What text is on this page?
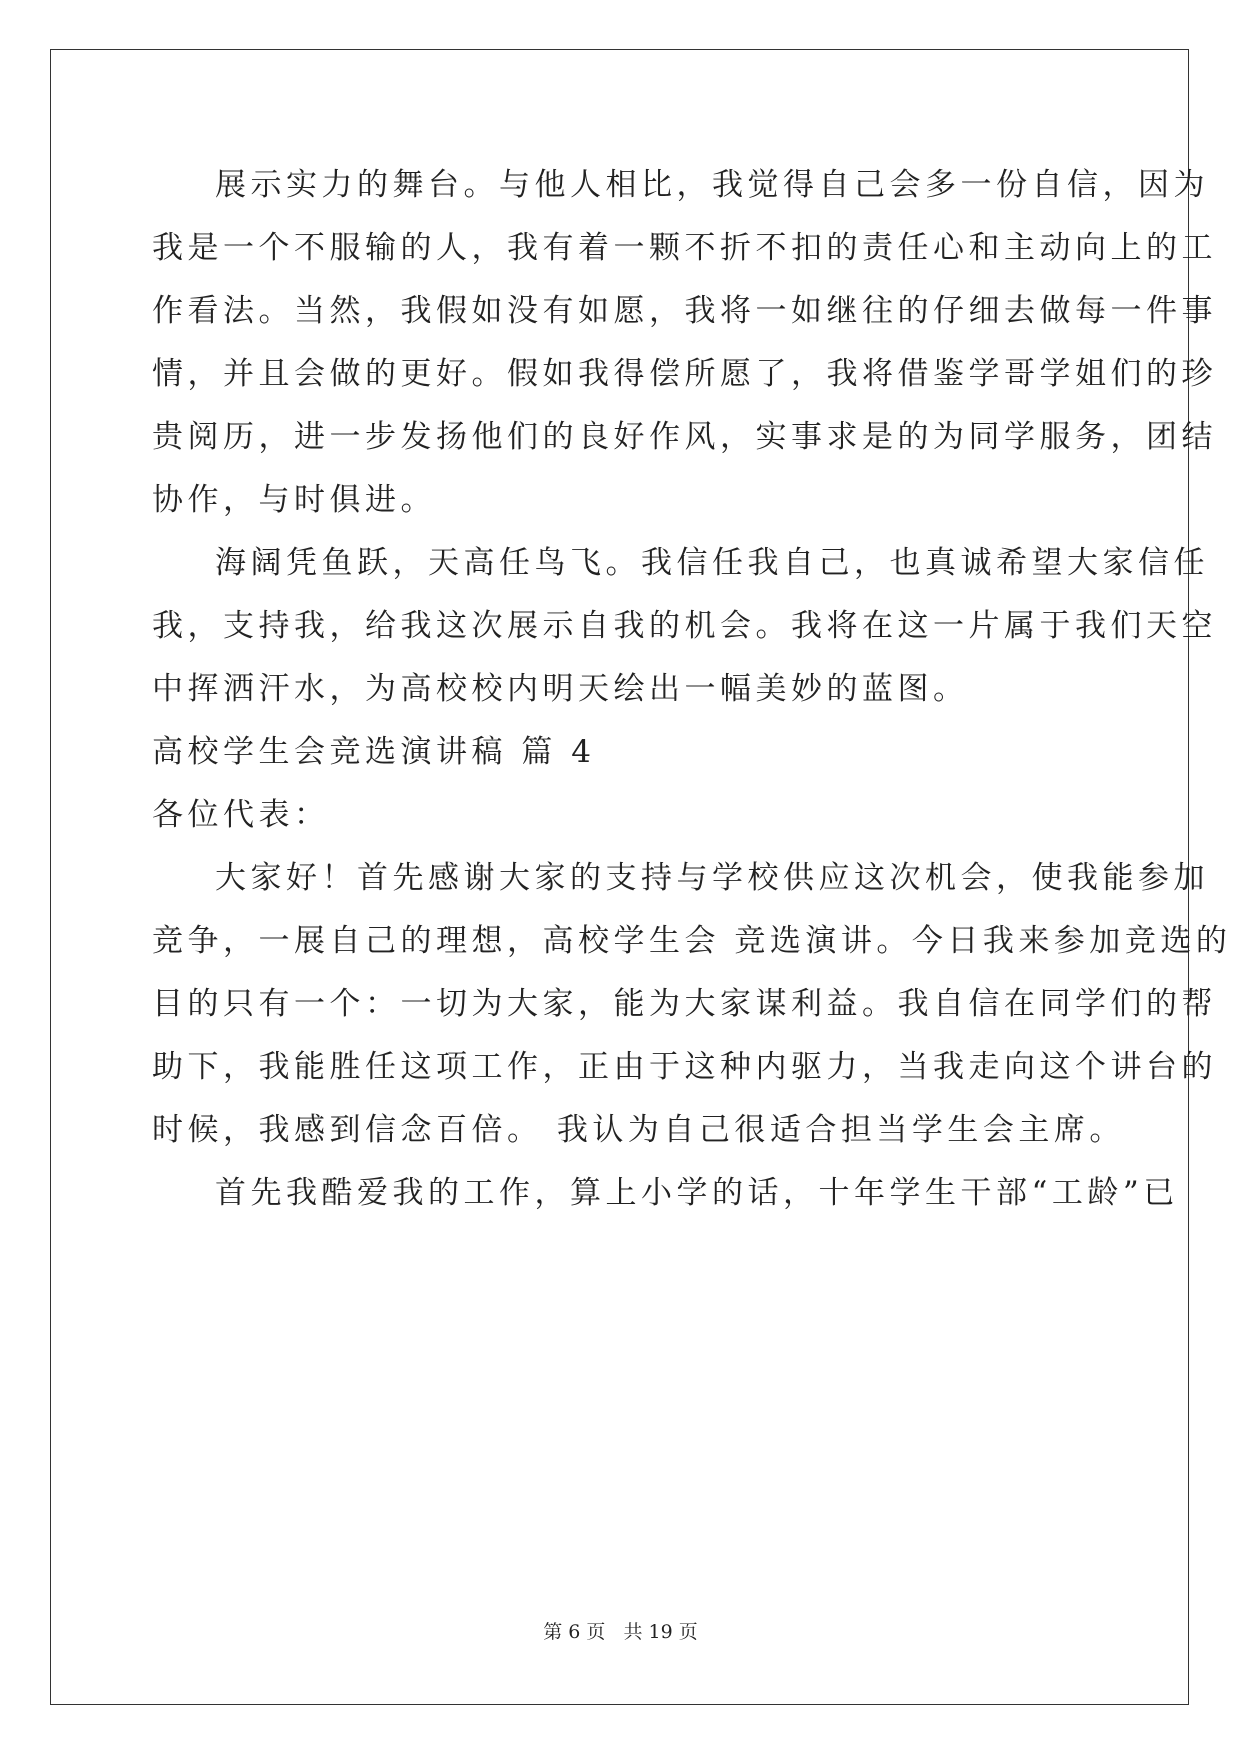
展示实力的舞台。与他人相比，我觉得自己会多一份自信，因为
我是一个不服输的人，我有着一颗不折不扣的责任心和主动向上的工
作看法。当然，我假如没有如愿，我将一如继往的仔细去做每一件事
情，并且会做的更好。假如我得偿所愿了，我将借鉴学哥学姐们的珍
贵阅历，进一步发扬他们的良好作风，实事求是的为同学服务，团结
协作，与时俱进。
海阔凭鱼跃，天高任鸟飞。我信任我自己，也真诚希望大家信任
我，支持我，给我这次展示自我的机会。我将在这一片属于我们天空
中挥洒汗水，为高校校内明天绘出一幅美妙的蓝图。
高校学生会竞选演讲稿 篇 4
各位代表：
大家好！首先感谢大家的支持与学校供应这次机会，使我能参加
竞争，一展自己的理想，高校学生会 竞选演讲。今日我来参加竞选的
目的只有一个：一切为大家，能为大家谋利益。我自信在同学们的帮
助下，我能胜任这项工作，正由于这种内驱力，当我走向这个讲台的
时候，我感到信念百倍。 我认为自己很适合担当学生会主席。
首先我酷爱我的工作，算上小学的话，十年学生干部“工龄”已
第 6 页 共 19 页
